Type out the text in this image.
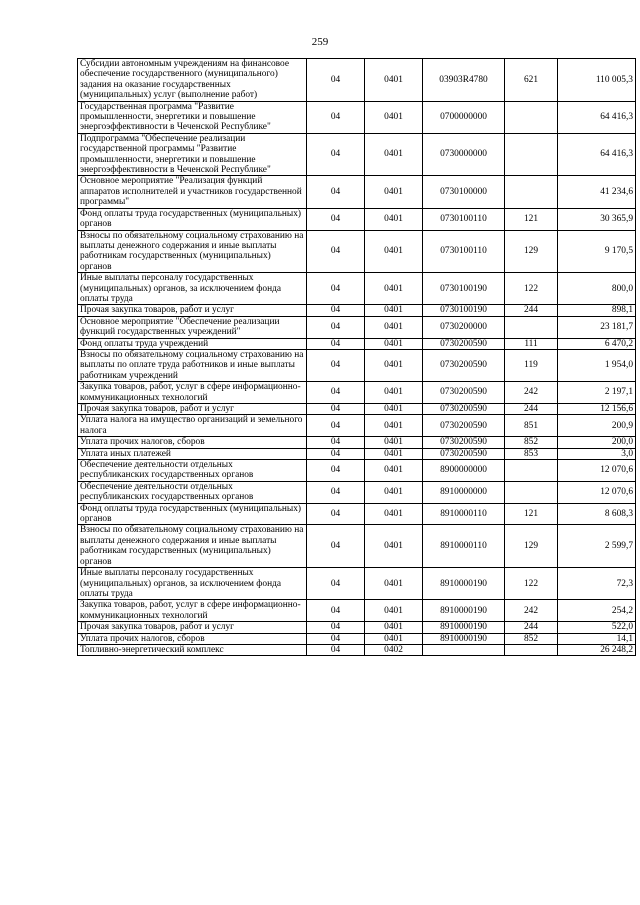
259
Субсидии автономным учреждениям на финансовое обеспечение государственного (муниципального) задания на оказание государственных (муниципальных) услуг (выполнение работ)	04	0401	03903R4780	621	110 005,3
Государственная программа "Развитие промышленности, энергетики и повышение энергоэффективности в Чеченской Республике"	04	0401	0700000000		64 416,3
Подпрограмма "Обеспечение реализации государственной программы "Развитие промышленности, энергетики и повышение энергоэффективности в Чеченской Республике"	04	0401	0730000000		64 416,3
Основное мероприятие "Реализация функций аппаратов исполнителей и участников государственной программы"	04	0401	0730100000		41 234,6
Фонд оплаты труда государственных (муниципальных) органов	04	0401	0730100110	121	30 365,9
Взносы по обязательному социальному страхованию на выплаты денежного содержания и иные выплаты работникам государственных (муниципальных) органов	04	0401	0730100110	129	9 170,5
Иные выплаты персоналу государственных (муниципальных) органов, за исключением фонда оплаты труда	04	0401	0730100190	122	800,0
Прочая закупка товаров, работ и услуг	04	0401	0730100190	244	898,1
Основное мероприятие "Обеспечение реализации функций государственных учреждений"	04	0401	0730200000		23 181,7
Фонд оплаты труда учреждений	04	0401	0730200590	111	6 470,2
Взносы по обязательному социальному страхованию на выплаты по оплате труда работников и иные выплаты работникам учреждений	04	0401	0730200590	119	1 954,0
Закупка товаров, работ, услуг в сфере информационно-коммуникационных технологий	04	0401	0730200590	242	2 197,1
Прочая закупка товаров, работ и услуг	04	0401	0730200590	244	12 156,6
Уплата налога на имущество организаций и земельного налога	04	0401	0730200590	851	200,9
Уплата прочих налогов, сборов	04	0401	0730200590	852	200,0
Уплата иных платежей	04	0401	0730200590	853	3,0
Обеспечение деятельности отдельных республиканских государственных органов	04	0401	8900000000		12 070,6
Обеспечение деятельности отдельных республиканских государственных органов	04	0401	8910000000		12 070,6
Фонд оплаты труда государственных (муниципальных) органов	04	0401	8910000110	121	8 608,3
Взносы по обязательному социальному страхованию на выплаты денежного содержания и иные выплаты работникам государственных (муниципальных) органов	04	0401	8910000110	129	2 599,7
Иные выплаты персоналу государственных (муниципальных) органов, за исключением фонда оплаты труда	04	0401	8910000190	122	72,3
Закупка товаров, работ, услуг в сфере информационно-коммуникационных технологий	04	0401	8910000190	242	254,2
Прочая закупка товаров, работ и услуг	04	0401	8910000190	244	522,0
Уплата прочих налогов, сборов	04	0401	8910000190	852	14,1
Топливно-энергетический комплекс	04	0402			26 248,2
